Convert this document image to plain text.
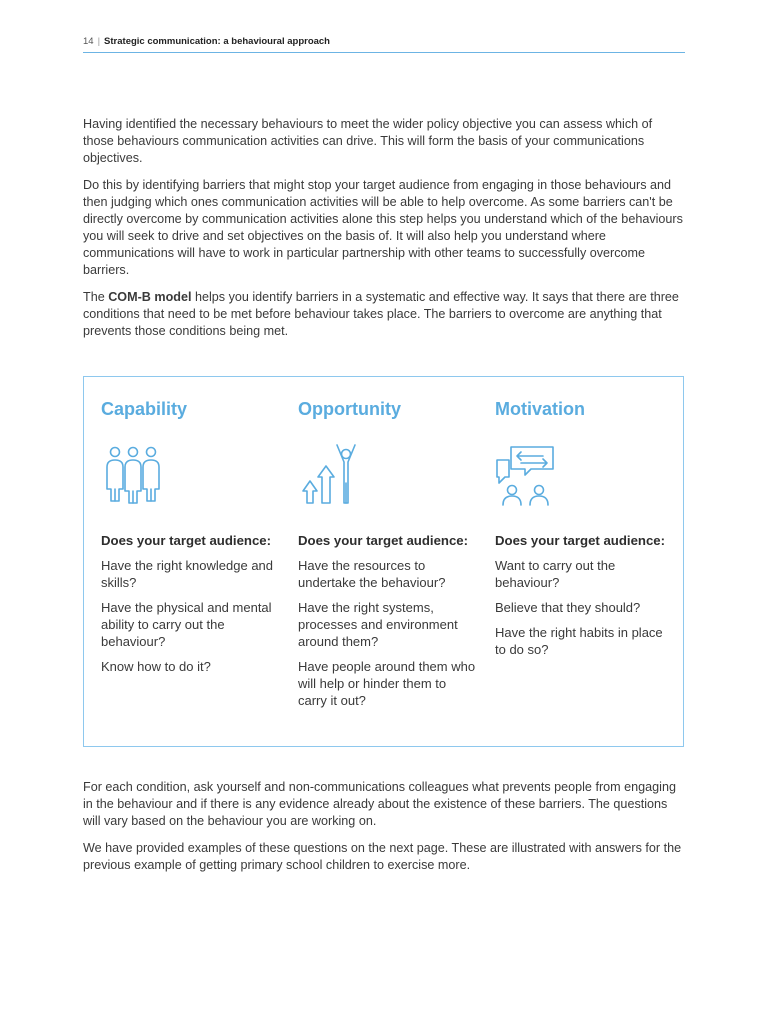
14 | Strategic communication: a behavioural approach

Having identified the necessary behaviours to meet the wider policy objective you can assess which of those behaviours communication activities can drive. This will form the basis of your communications objectives.

Do this by identifying barriers that might stop your target audience from engaging in those behaviours and then judging which ones communication activities will be able to help overcome. As some barriers can't be directly overcome by communication activities alone this step helps you understand which of the behaviours you will seek to drive and set objectives on the basis of. It will also help you understand where communications will have to work in particular partnership with other teams to successfully overcome barriers.

The COM-B model helps you identify barriers in a systematic and effective way. It says that there are three conditions that need to be met before behaviour takes place. The barriers to overcome are anything that prevents those conditions being met.

Capability
Does your target audience:
Have the right knowledge and skills?
Have the physical and mental ability to carry out the behaviour?
Know how to do it?
Opportunity
Does your target audience:
Have the resources to undertake the behaviour?
Have the right systems, processes and environment around them?
Have people around them who will help or hinder them to carry it out?
Motivation
Does your target audience:
Want to carry out the behaviour?
Believe that they should?
Have the right habits in place to do so?

For each condition, ask yourself and non-communications colleagues what prevents people from engaging in the behaviour and if there is any evidence already about the existence of these barriers. The questions will vary based on the behaviour you are working on.

We have provided examples of these questions on the next page. These are illustrated with answers for the previous example of getting primary school children to exercise more.
